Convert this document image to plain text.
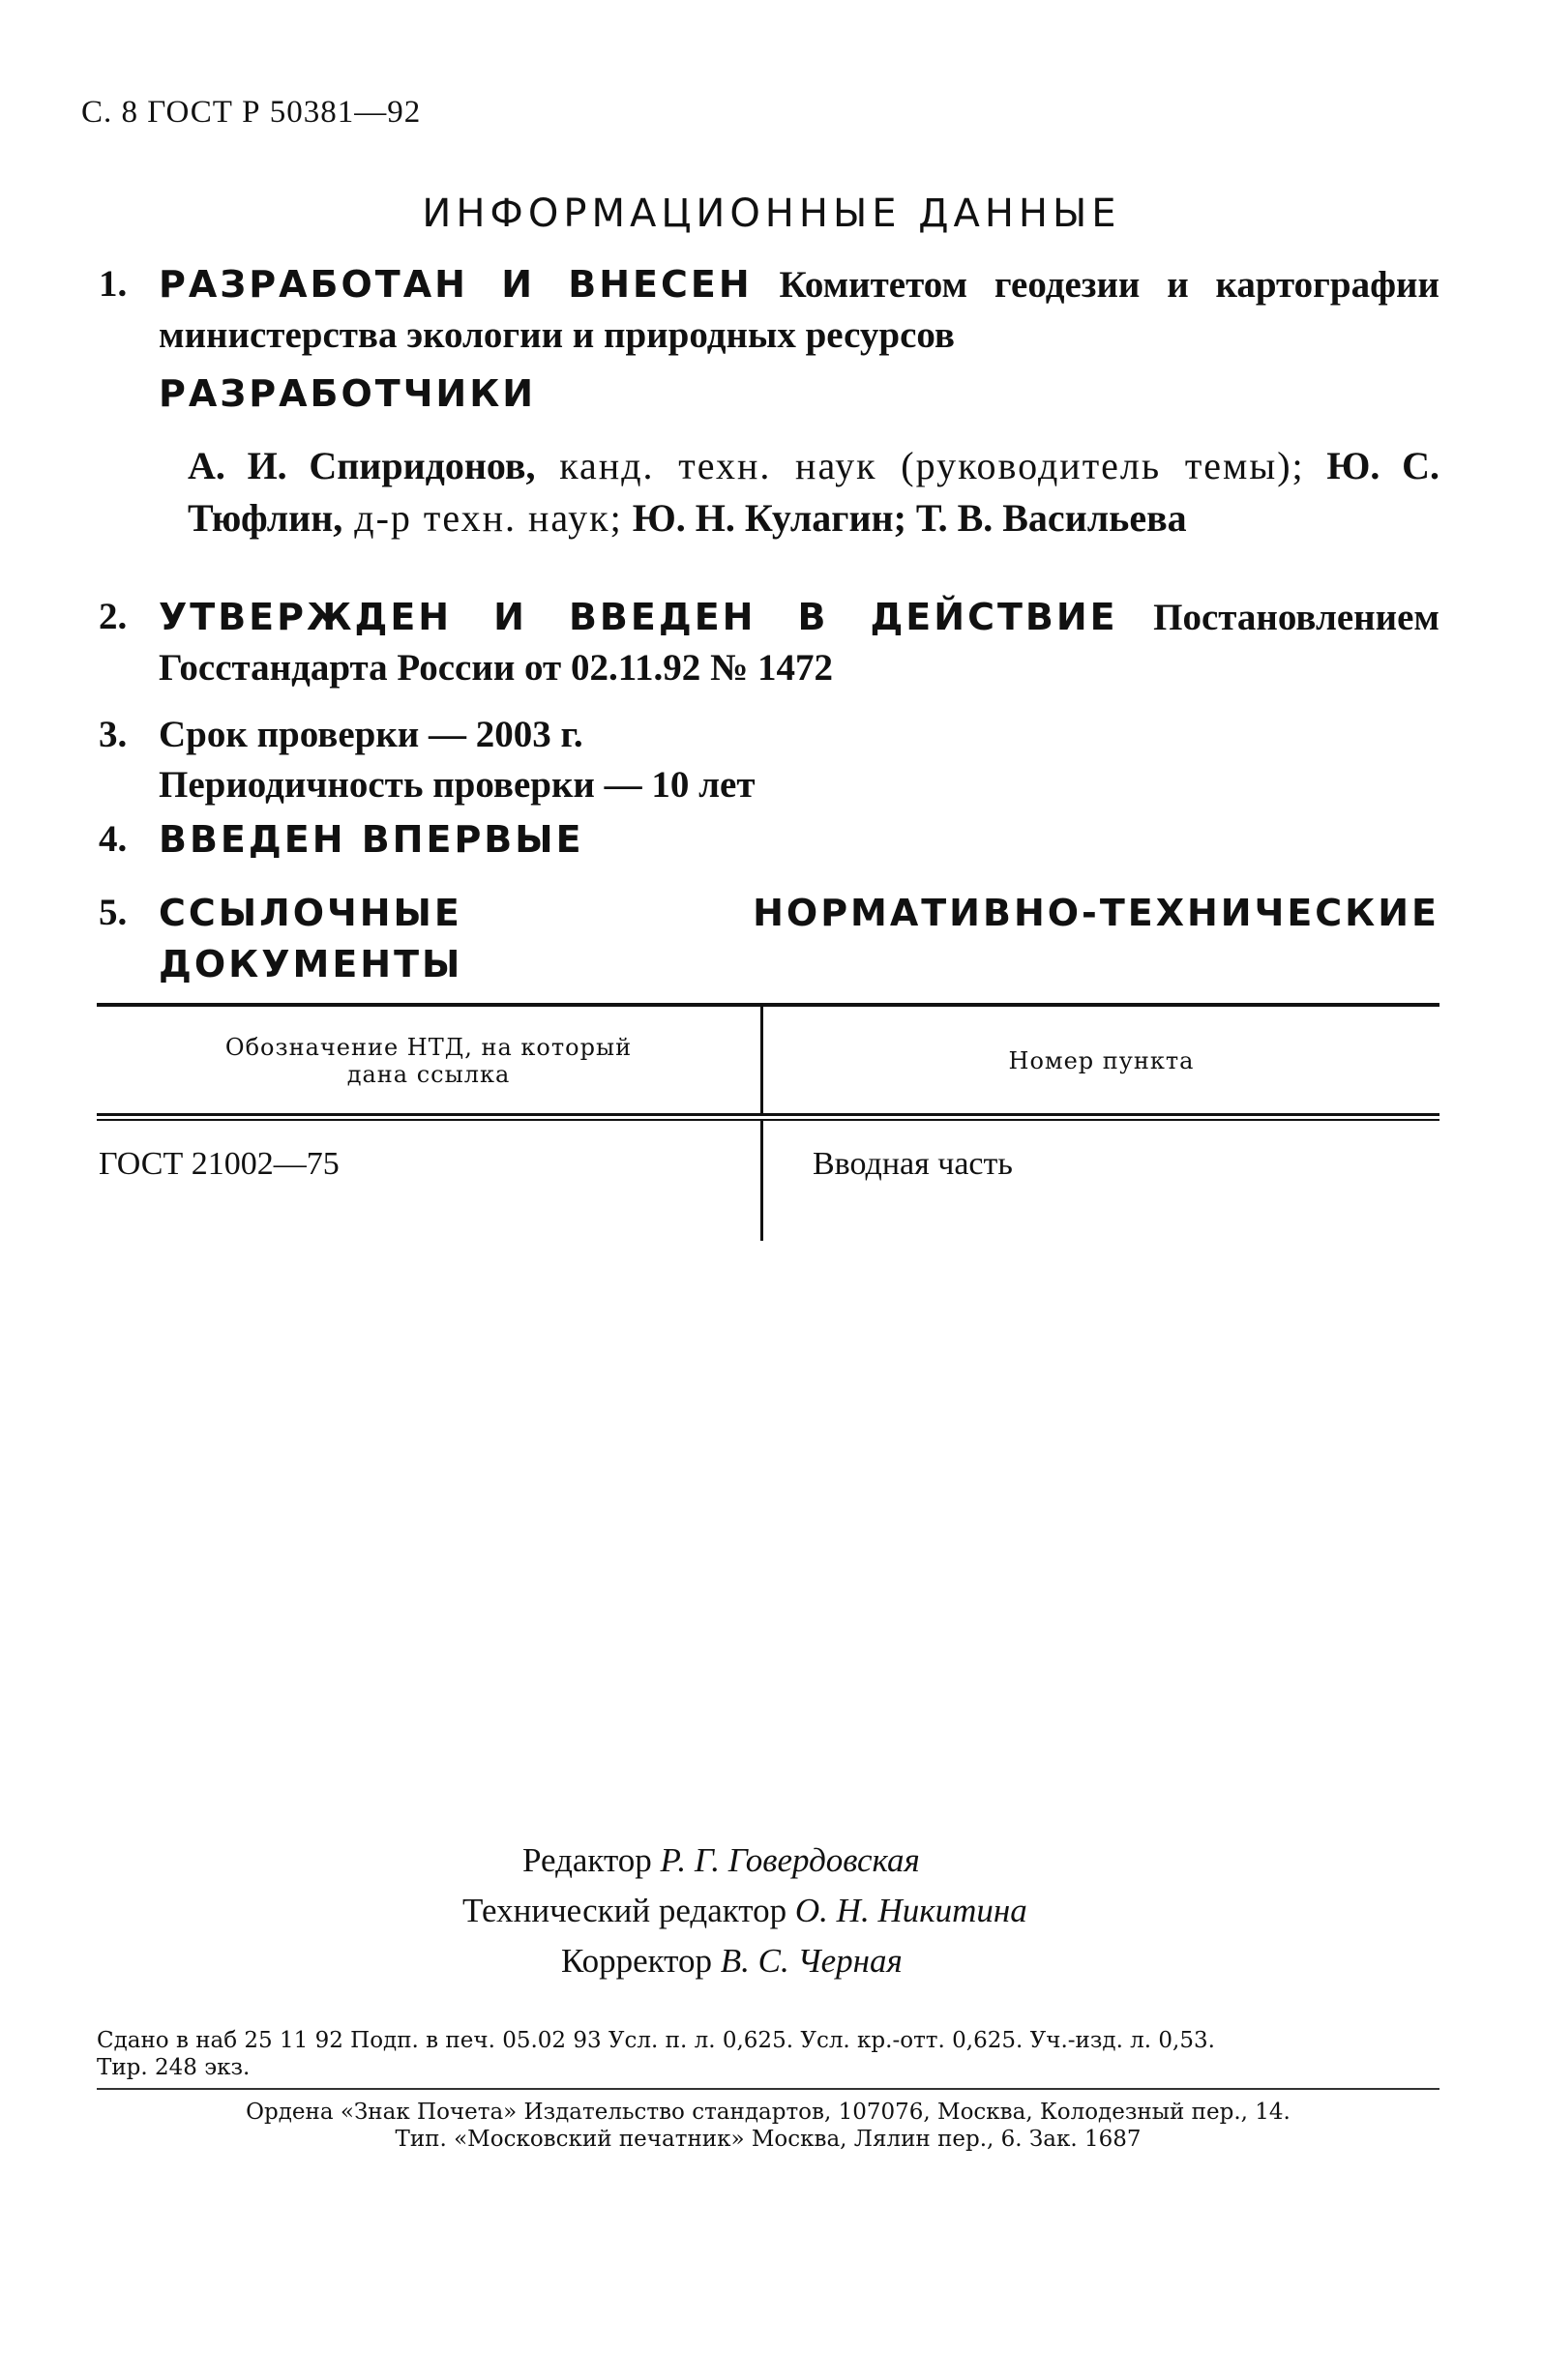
С. 8 ГОСТ Р 50381—92
ИНФОРМАЦИОННЫЕ ДАННЫЕ
1. РАЗРАБОТАН И ВНЕСЕН Комитетом геодезии и картографии министерства экологии и природных ресурсов
РАЗРАБОТЧИКИ
А. И. Спиридонов, канд. техн. наук (руководитель темы); Ю. С. Тюфлин, д-р техн. наук; Ю. Н. Кулагин; Т. В. Васильева
2. УТВЕРЖДЕН И ВВЕДЕН В ДЕЙСТВИЕ Постановлением Госстандарта России от 02.11.92 № 1472
3. Срок проверки — 2003 г.
Периодичность проверки — 10 лет
4. ВВЕДЕН ВПЕРВЫЕ
5. ССЫЛОЧНЫЕ НОРМАТИВНО-ТЕХНИЧЕСКИЕ ДОКУМЕНТЫ
Обозначение НТД, на который
дана ссылка	Номер пункта
ГОСТ 21002—75	Вводная часть
Редактор Р. Г. Говердовская
Технический редактор О. Н. Никитина
Корректор В. С. Черная
Сдано в наб 25 11 92 Подп. в печ. 05.02 93 Усл. п. л. 0,625. Усл. кр.-отт. 0,625. Уч.-изд. л. 0,53.
Тир. 248 экз.
Ордена «Знак Почета» Издательство стандартов, 107076, Москва, Колодезный пер., 14.
Тип. «Московский печатник» Москва, Лялин пер., 6. Зак. 1687
